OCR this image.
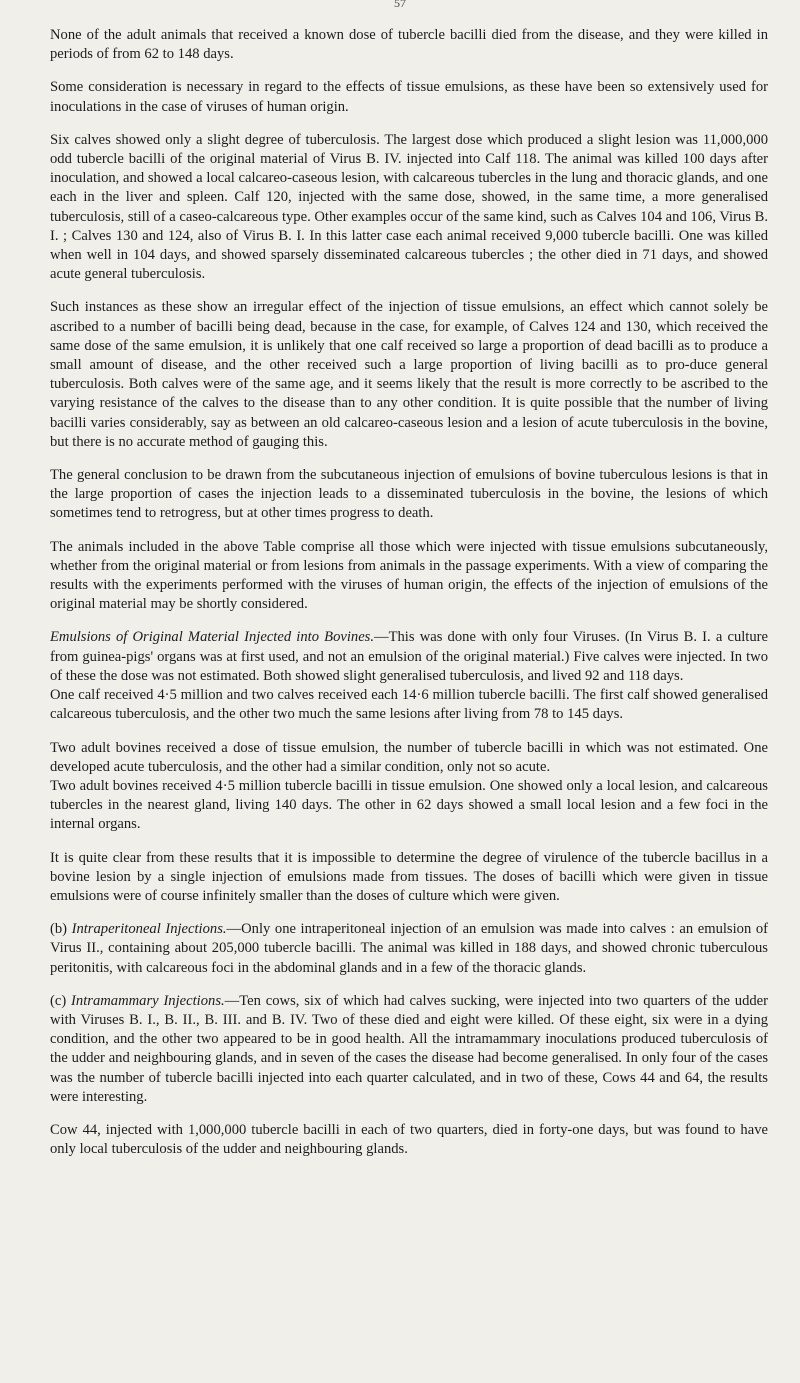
57

None of the adult animals that received a known dose of tubercle bacilli died from the disease, and they were killed in periods of from 62 to 148 days.

Some consideration is necessary in regard to the effects of tissue emulsions, as these have been so extensively used for inoculations in the case of viruses of human origin.

Six calves showed only a slight degree of tuberculosis. The largest dose which produced a slight lesion was 11,000,000 odd tubercle bacilli of the original material of Virus B. IV. injected into Calf 118. The animal was killed 100 days after inoculation, and showed a local calcareo-caseous lesion, with calcareous tubercles in the lung and thoracic glands, and one each in the liver and spleen. Calf 120, injected with the same dose, showed, in the same time, a more generalised tuberculosis, still of a caseo-calcareous type. Other examples occur of the same kind, such as Calves 104 and 106, Virus B. I. ; Calves 130 and 124, also of Virus B. I. In this latter case each animal received 9,000 tubercle bacilli. One was killed when well in 104 days, and showed sparsely disseminated calcareous tubercles ; the other died in 71 days, and showed acute general tuberculosis.

Such instances as these show an irregular effect of the injection of tissue emulsions, an effect which cannot solely be ascribed to a number of bacilli being dead, because in the case, for example, of Calves 124 and 130, which received the same dose of the same emulsion, it is unlikely that one calf received so large a proportion of dead bacilli as to produce a small amount of disease, and the other received such a large proportion of living bacilli as to pro-duce general tuberculosis. Both calves were of the same age, and it seems likely that the result is more correctly to be ascribed to the varying resistance of the calves to the disease than to any other condition. It is quite possible that the number of living bacilli varies considerably, say as between an old calcareo-caseous lesion and a lesion of acute tuberculosis in the bovine, but there is no accurate method of gauging this.

The general conclusion to be drawn from the subcutaneous injection of emulsions of bovine tuberculous lesions is that in the large proportion of cases the injection leads to a disseminated tuberculosis in the bovine, the lesions of which sometimes tend to retrogress, but at other times progress to death.

The animals included in the above Table comprise all those which were injected with tissue emulsions subcutaneously, whether from the original material or from lesions from animals in the passage experiments. With a view of comparing the results with the experiments performed with the viruses of human origin, the effects of the injection of emulsions of the original material may be shortly considered.

Emulsions of Original Material Injected into Bovines.—This was done with only four Viruses. (In Virus B. I. a culture from guinea-pigs' organs was at first used, and not an emulsion of the original material.) Five calves were injected. In two of these the dose was not estimated. Both showed slight generalised tuberculosis, and lived 92 and 118 days.

One calf received 4·5 million and two calves received each 14·6 million tubercle bacilli. The first calf showed generalised calcareous tuberculosis, and the other two much the same lesions after living from 78 to 145 days.

Two adult bovines received a dose of tissue emulsion, the number of tubercle bacilli in which was not estimated. One developed acute tuberculosis, and the other had a similar condition, only not so acute.

Two adult bovines received 4·5 million tubercle bacilli in tissue emulsion. One showed only a local lesion, and calcareous tubercles in the nearest gland, living 140 days. The other in 62 days showed a small local lesion and a few foci in the internal organs.

It is quite clear from these results that it is impossible to determine the degree of virulence of the tubercle bacillus in a bovine lesion by a single injection of emulsions made from tissues. The doses of bacilli which were given in tissue emulsions were of course infinitely smaller than the doses of culture which were given.

(b) Intraperitoneal Injections.—Only one intraperitoneal injection of an emulsion was made into calves : an emulsion of Virus II., containing about 205,000 tubercle bacilli. The animal was killed in 188 days, and showed chronic tuberculous peritonitis, with calcareous foci in the abdominal glands and in a few of the thoracic glands.

(c) Intramammary Injections.—Ten cows, six of which had calves sucking, were injected into two quarters of the udder with Viruses B. I., B. II., B. III. and B. IV. Two of these died and eight were killed. Of these eight, six were in a dying condition, and the other two appeared to be in good health. All the intramammary inoculations produced tuberculosis of the udder and neighbouring glands, and in seven of the cases the disease had become generalised. In only four of the cases was the number of tubercle bacilli injected into each quarter calculated, and in two of these, Cows 44 and 64, the results were interesting.

Cow 44, injected with 1,000,000 tubercle bacilli in each of two quarters, died in forty-one days, but was found to have only local tuberculosis of the udder and neighbouring glands.
